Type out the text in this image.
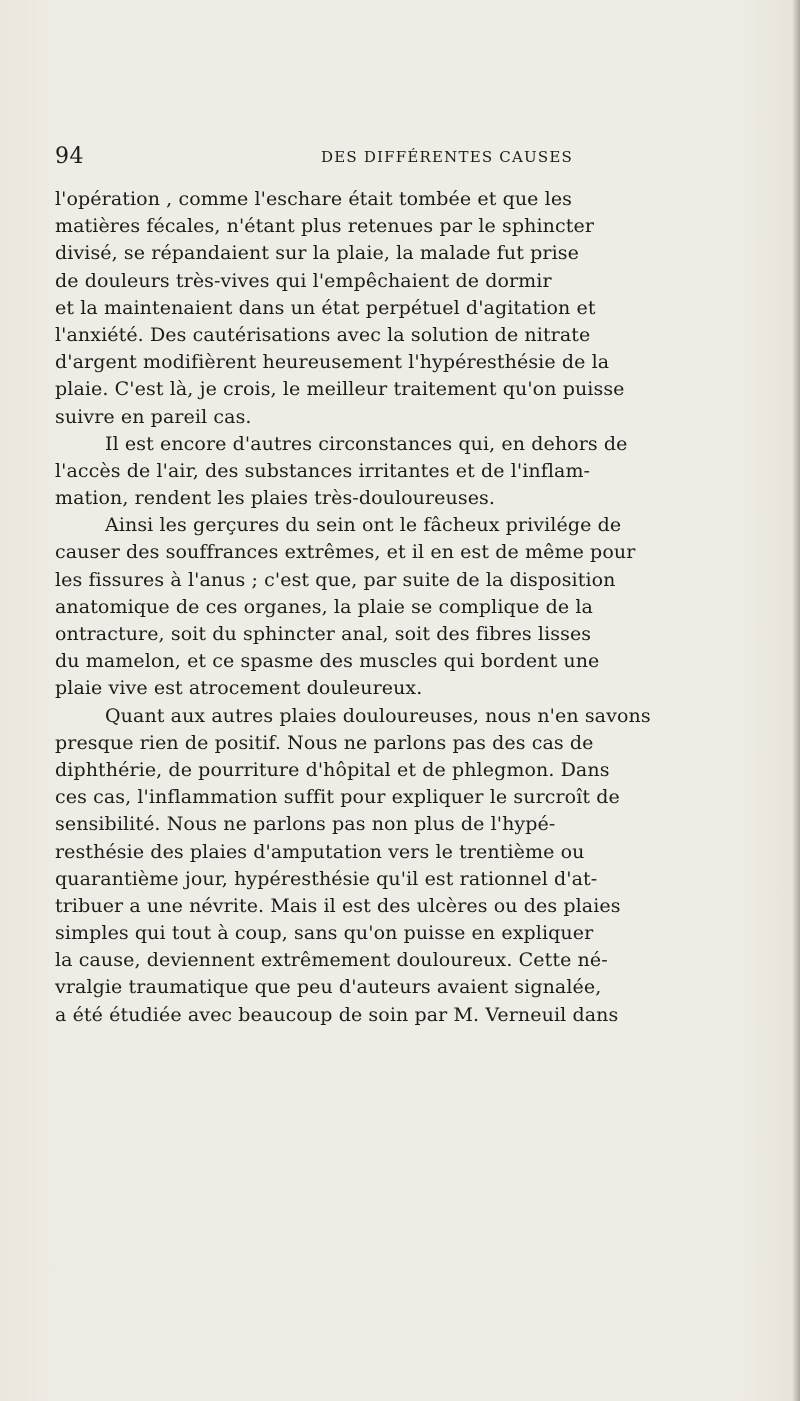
94	DES DIFFÉRENTES CAUSES
l'opération , comme l'eschare était tombée et que les
matières fécales, n'étant plus retenues par le sphincter
divisé, se répandaient sur la plaie, la malade fut prise
de douleurs très-vives qui l'empêchaient de dormir
et la maintenaient dans un état perpétuel d'agitation et
l'anxiété. Des cautérisations avec la solution de nitrate
d'argent modifièrent heureusement l'hypéresthésie de la
plaie. C'est là, je crois, le meilleur traitement qu'on puisse
suivre en pareil cas.
Il est encore d'autres circonstances qui, en dehors de
l'accès de l'air, des substances irritantes et de l'inflam-
mation, rendent les plaies très-douloureuses.
Ainsi les gerçures du sein ont le fâcheux privilége de
causer des souffrances extrêmes, et il en est de même pour
les fissures à l'anus ; c'est que, par suite de la disposition
anatomique de ces organes, la plaie se complique de la
ontracture, soit du sphincter anal, soit des fibres lisses
du mamelon, et ce spasme des muscles qui bordent une
plaie vive est atrocement douleureux.
Quant aux autres plaies douloureuses, nous n'en savons
presque rien de positif. Nous ne parlons pas des cas de
diphthérie, de pourriture d'hôpital et de phlegmon. Dans
ces cas, l'inflammation suffit pour expliquer le surcroît de
sensibilité. Nous ne parlons pas non plus de l'hypé-
resthésie des plaies d'amputation vers le trentième ou
quarantième jour, hypéresthésie qu'il est rationnel d'at-
tribuer a une névrite. Mais il est des ulcères ou des plaies
simples qui tout à coup, sans qu'on puisse en expliquer
la cause, deviennent extrêmement douloureux. Cette né-
vralgie traumatique que peu d'auteurs avaient signalée,
a été étudiée avec beaucoup de soin par M. Verneuil dans
